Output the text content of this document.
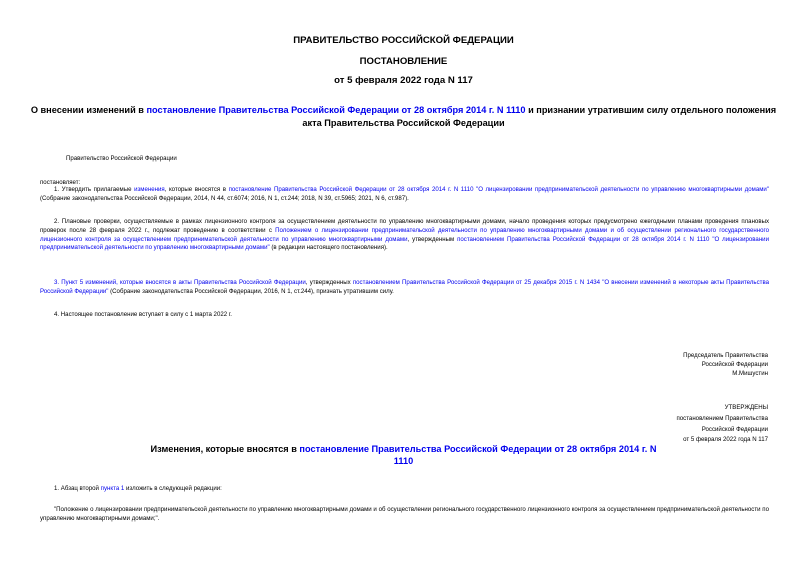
ПРАВИТЕЛЬСТВО РОССИЙСКОЙ ФЕДЕРАЦИИ
ПОСТАНОВЛЕНИЕ
от 5 февраля 2022 года N 117
О внесении изменений в постановление Правительства Российской Федерации от 28 октября 2014 г. N 1110 и признании утратившим силу отдельного положения акта Правительства Российской Федерации
Правительство Российской Федерации
постановляет:
1. Утвердить прилагаемые изменения, которые вносятся в постановление Правительства Российской Федерации от 28 октября 2014 г. N 1110 "О лицензировании предпринимательской деятельности по управлению многоквартирными домами" (Собрание законодательства Российской Федерации, 2014, N 44, ст.6074; 2016, N 1, ст.244; 2018, N 39, ст.5965; 2021, N 6, ст.987).
2. Плановые проверки, осуществляемые в рамках лицензионного контроля за осуществлением деятельности по управлению многоквартирными домами, начало проведения которых предусмотрено ежегодными планами проведения плановых проверок после 28 февраля 2022 г., подлежат проведению в соответствии с Положением о лицензировании предпринимательской деятельности по управлению многоквартирными домами и об осуществлении регионального государственного лицензионного контроля за осуществлением предпринимательской деятельности по управлению многоквартирными домами, утвержденным постановлением Правительства Российской Федерации от 28 октября 2014 г. N 1110 "О лицензировании предпринимательской деятельности по управлению многоквартирными домами" (в редакции настоящего постановления).
3. Пункт 5 изменений, которые вносятся в акты Правительства Российской Федерации, утвержденных постановлением Правительства Российской Федерации от 25 декабря 2015 г. N 1434 "О внесении изменений в некоторые акты Правительства Российской Федерации" (Собрание законодательства Российской Федерации, 2016, N 1, ст.244), признать утратившим силу.
4. Настоящее постановление вступает в силу с 1 марта 2022 г.
Председатель Правительства
Российской Федерации
М.Мишустин
УТВЕРЖДЕНЫ
постановлением Правительства
Российской Федерации
от 5 февраля 2022 года N 117
Изменения, которые вносятся в постановление Правительства Российской Федерации от 28 октября 2014 г. N 1110
1. Абзац второй пункта 1 изложить в следующей редакции:
"Положение о лицензировании предпринимательской деятельности по управлению многоквартирными домами и об осуществлении регионального государственного лицензионного контроля за осуществлением предпринимательской деятельности по управлению многоквартирными домами;".
